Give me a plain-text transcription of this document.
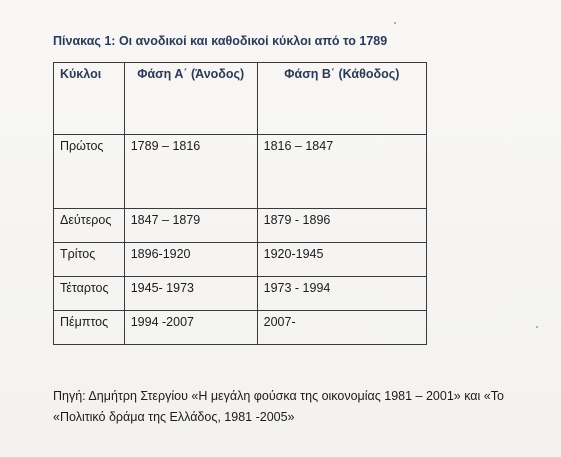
Πίνακας 1: Οι ανοδικοί και καθοδικοί κύκλοι από το 1789
Κύκλοι	Φάση Α΄ (Άνοδος)	Φάση Β΄ (Κάθοδος)
Πρώτος	1789 – 1816	1816 – 1847
Δεύτερος	1847 – 1879	1879 - 1896
Τρίτος	1896-1920	1920-1945
Τέταρτος	1945- 1973	1973 - 1994
Πέμπτος	1994 -2007	2007-
Πηγή: Δημήτρη Στεργίου «Η μεγάλη φούσκα της οικονομίας 1981 – 2001» και «Το
«Πολιτικό δράμα της Ελλάδος, 1981 -2005»
